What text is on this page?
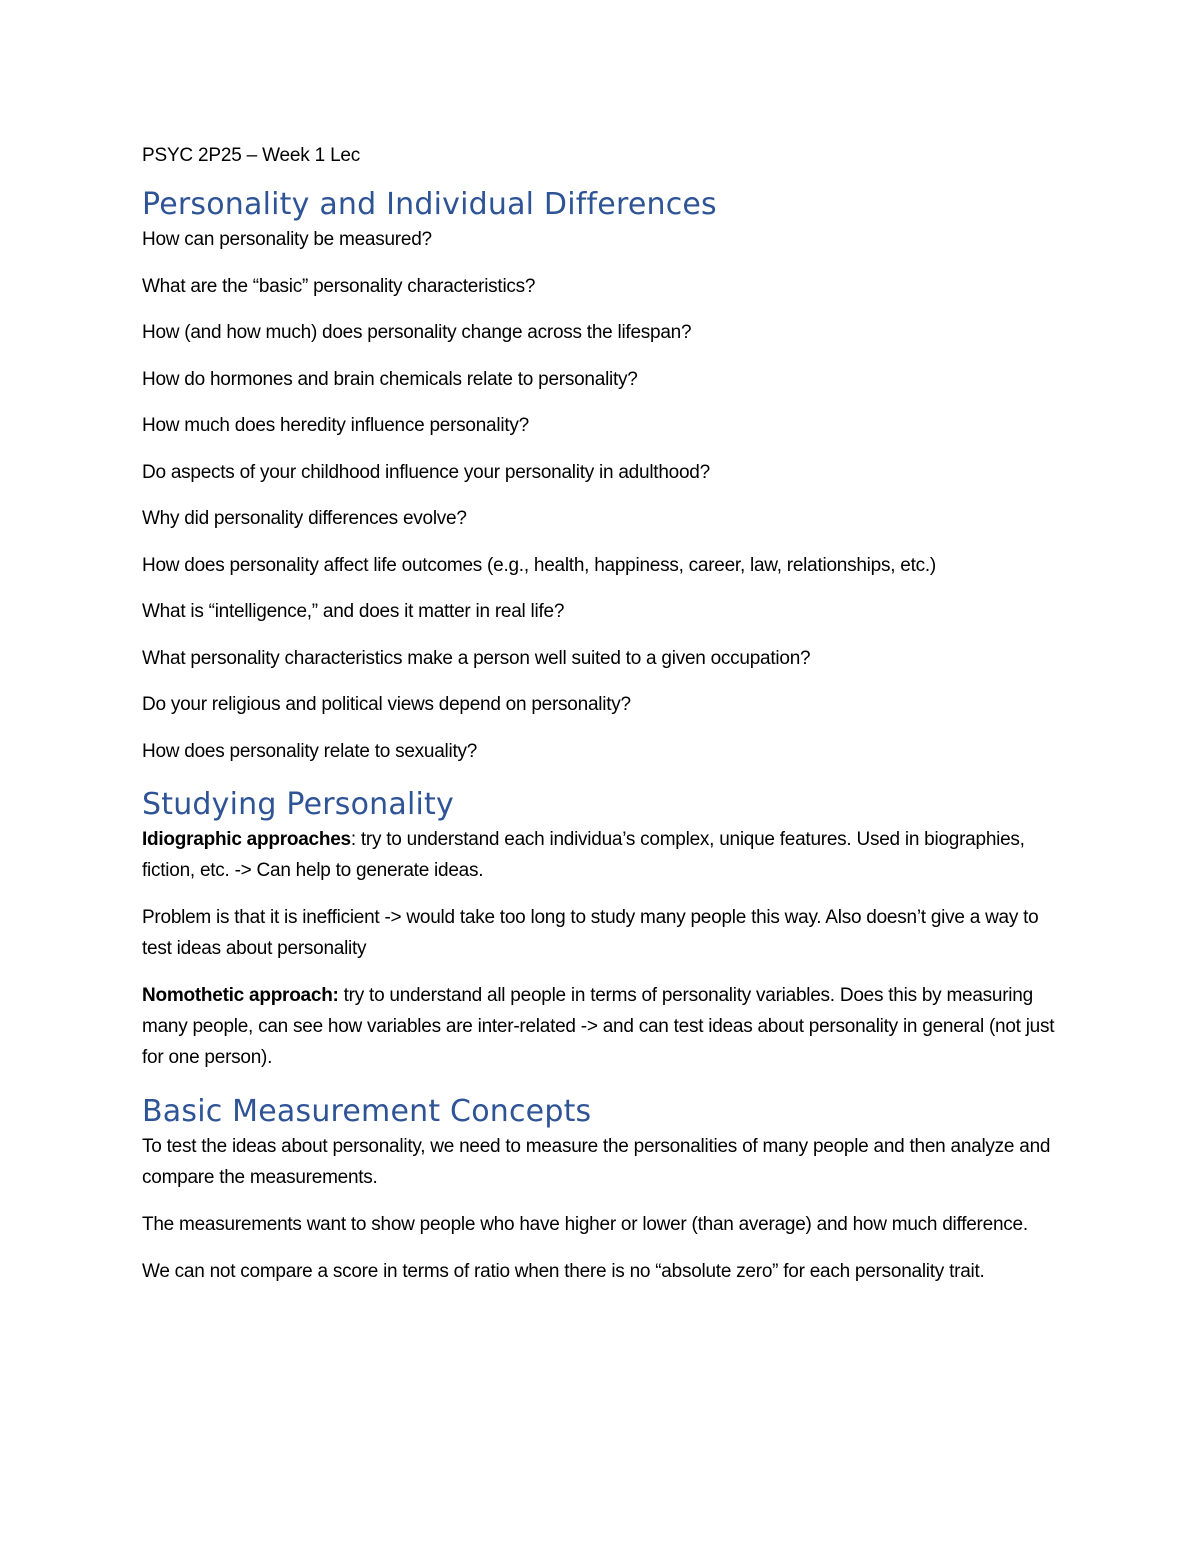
PSYC 2P25 – Week 1 Lec
Personality and Individual Differences

How can personality be measured?

What are the “basic” personality characteristics?

How (and how much) does personality change across the lifespan?

How do hormones and brain chemicals relate to personality?

How much does heredity influence personality?

Do aspects of your childhood influence your personality in adulthood?

Why did personality differences evolve?

How does personality affect life outcomes (e.g., health, happiness, career, law, relationships, etc.)

What is “intelligence,” and does it matter in real life?

What personality characteristics make a person well suited to a given occupation?

Do your religious and political views depend on personality?

How does personality relate to sexuality?

Studying Personality

Idiographic approaches: try to understand each individua’s complex, unique features. Used in biographies, fiction, etc. -> Can help to generate ideas.

Problem is that it is inefficient -> would take too long to study many people this way. Also doesn’t give a way to test ideas about personality

Nomothetic approach: try to understand all people in terms of personality variables. Does this by measuring many people, can see how variables are inter-related -> and can test ideas about personality in general (not just for one person).

Basic Measurement Concepts

To test the ideas about personality, we need to measure the personalities of many people and then analyze and compare the measurements.

The measurements want to show people who have higher or lower (than average) and how much difference.

We can not compare a score in terms of ratio when there is no “absolute zero” for each personality trait.
